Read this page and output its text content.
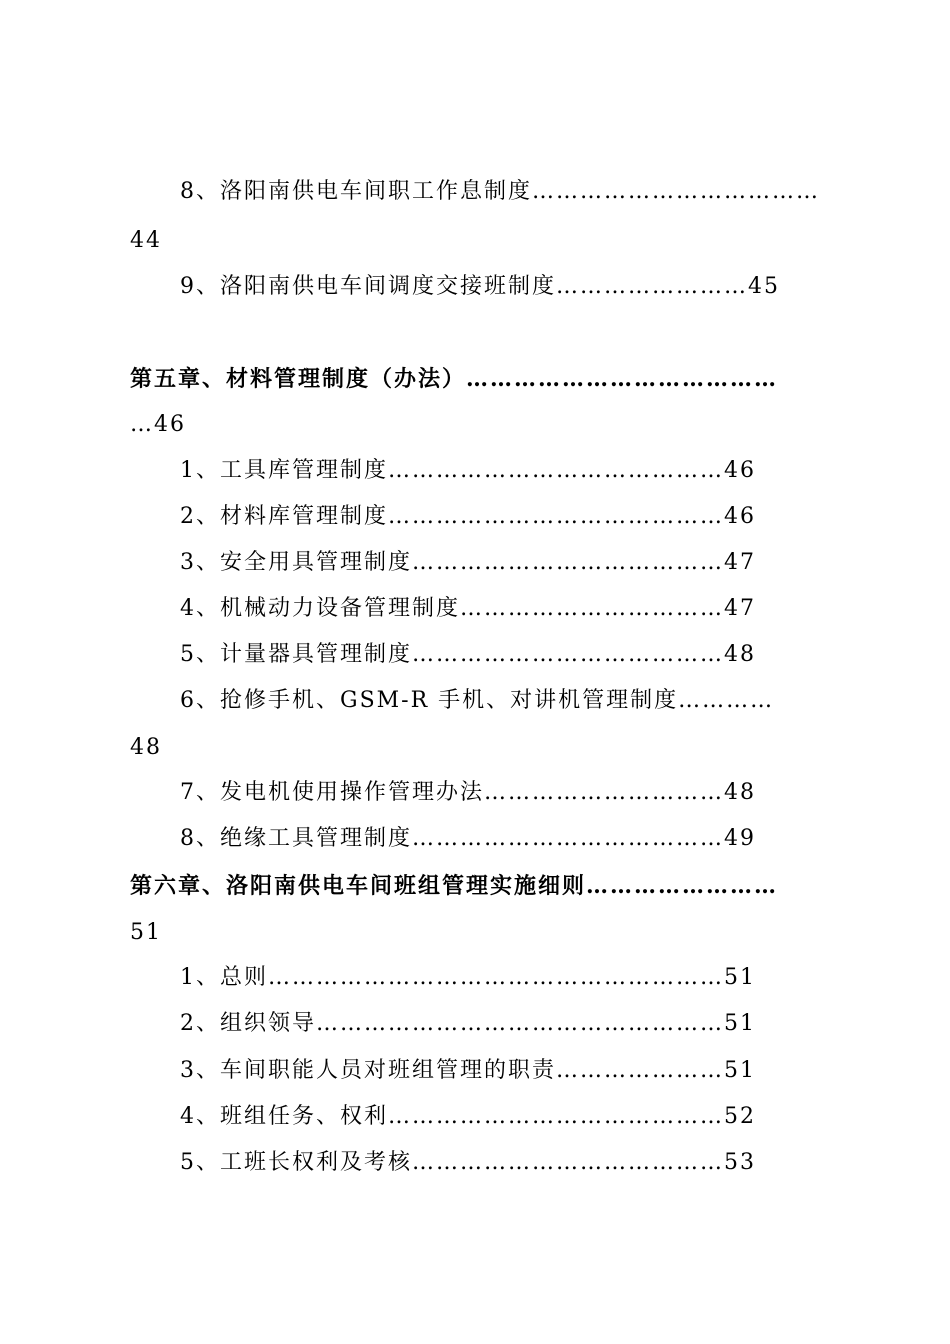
8、洛阳南供电车间职工作息制度………………………………
44
9、洛阳南供电车间调度交接班制度……………………45
第五章、材料管理制度（办法）…………………………………
…46
1、工具库管理制度……………………………………46
2、材料库管理制度……………………………………46
3、安全用具管理制度…………………………………47
4、机械动力设备管理制度……………………………47
5、计量器具管理制度…………………………………48
6、抢修手机、GSM-R 手机、对讲机管理制度…………
48
7、发电机使用操作管理办法…………………………48
8、绝缘工具管理制度…………………………………49
第六章、洛阳南供电车间班组管理实施细则……………………
51
1、总则…………………………………………………51
2、组织领导……………………………………………51
3、车间职能人员对班组管理的职责…………………51
4、班组任务、权利……………………………………52
5、工班长权利及考核…………………………………53
